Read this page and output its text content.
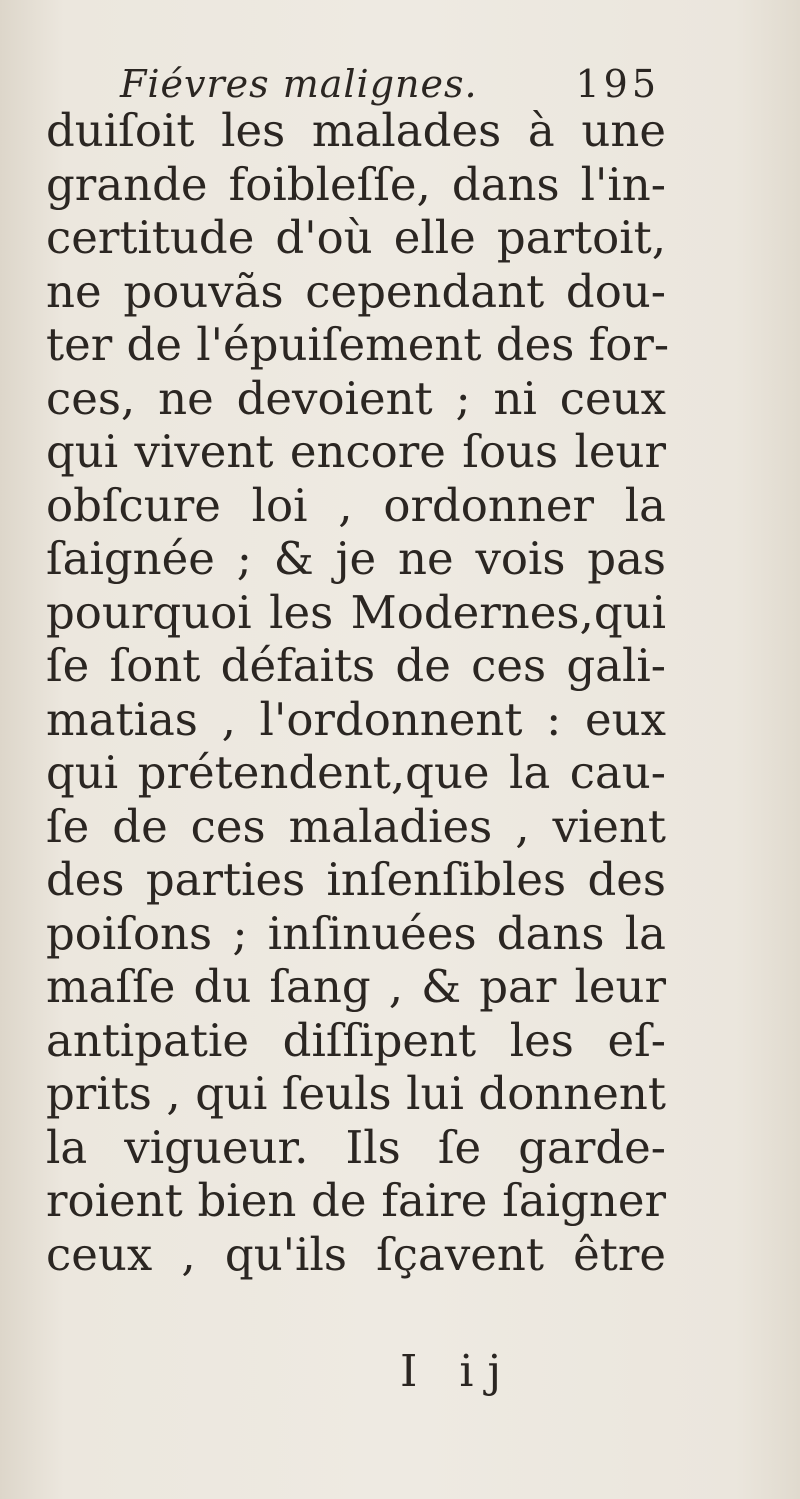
Fiévres malignes.	195
duiſoit les malades à une
grande foibleſſe, dans l'in-
certitude d'où elle partoit,
ne pouvãs cependant dou-
ter de l'épuiſement des for-
ces, ne devoient ; ni ceux
qui vivent encore ſous leur
obſcure loi , ordonner la
ſaignée ; & je ne vois pas
pourquoi les Modernes,qui
ſe ſont défaits de ces gali-
matias , l'ordonnent : eux
qui prétendent,que la cau-
ſe de ces maladies , vient
des parties inſenſibles des
poiſons ; inſinuées dans la
maſſe du ſang , & par leur
antipatie diſſipent les eſ-
prits , qui ſeuls lui donnent
la vigueur. Ils ſe garde-
roient bien de faire ſaigner
ceux , qu'ils ſçavent être
I ij
